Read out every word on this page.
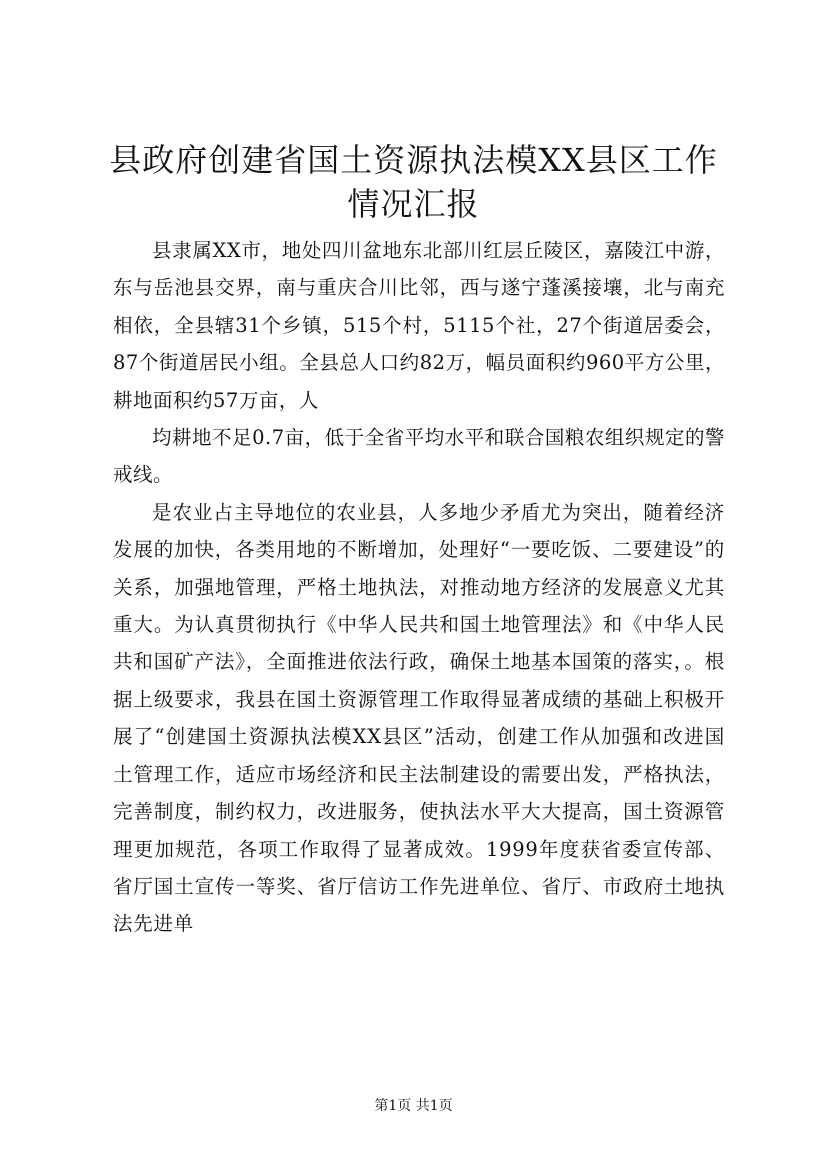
县政府创建省国土资源执法模XX县区工作情况汇报

县隶属XX市，地处四川盆地东北部川红层丘陵区，嘉陵江中游，东与岳池县交界，南与重庆合川比邻，西与遂宁蓬溪接壤，北与南充相依，全县辖31个乡镇，515个村，5115个社，27个街道居委会，87个街道居民小组。全县总人口约82万，幅员面积约960平方公里，耕地面积约57万亩，人

均耕地不足0.7亩，低于全省平均水平和联合国粮农组织规定的警戒线。

是农业占主导地位的农业县，人多地少矛盾尤为突出，随着经济发展的加快，各类用地的不断增加，处理好“一要吃饭、二要建设”的关系，加强地管理，严格土地执法，对推动地方经济的发展意义尤其重大。为认真贯彻执行《中华人民共和国土地管理法》和《中华人民共和国矿产法》，全面推进依法行政，确保土地基本国策的落实，。根据上级要求，我县在国土资源管理工作取得显著成绩的基础上积极开展了“创建国土资源执法模XX县区”活动，创建工作从加强和改进国土管理工作，适应市场经济和民主法制建设的需要出发，严格执法，完善制度，制约权力，改进服务，使执法水平大大提高，国土资源管理更加规范，各项工作取得了显著成效。1999年度获省委宣传部、省厅国土宣传一等奖、省厅信访工作先进单位、省厅、市政府土地执法先进单

第1页 共1页
